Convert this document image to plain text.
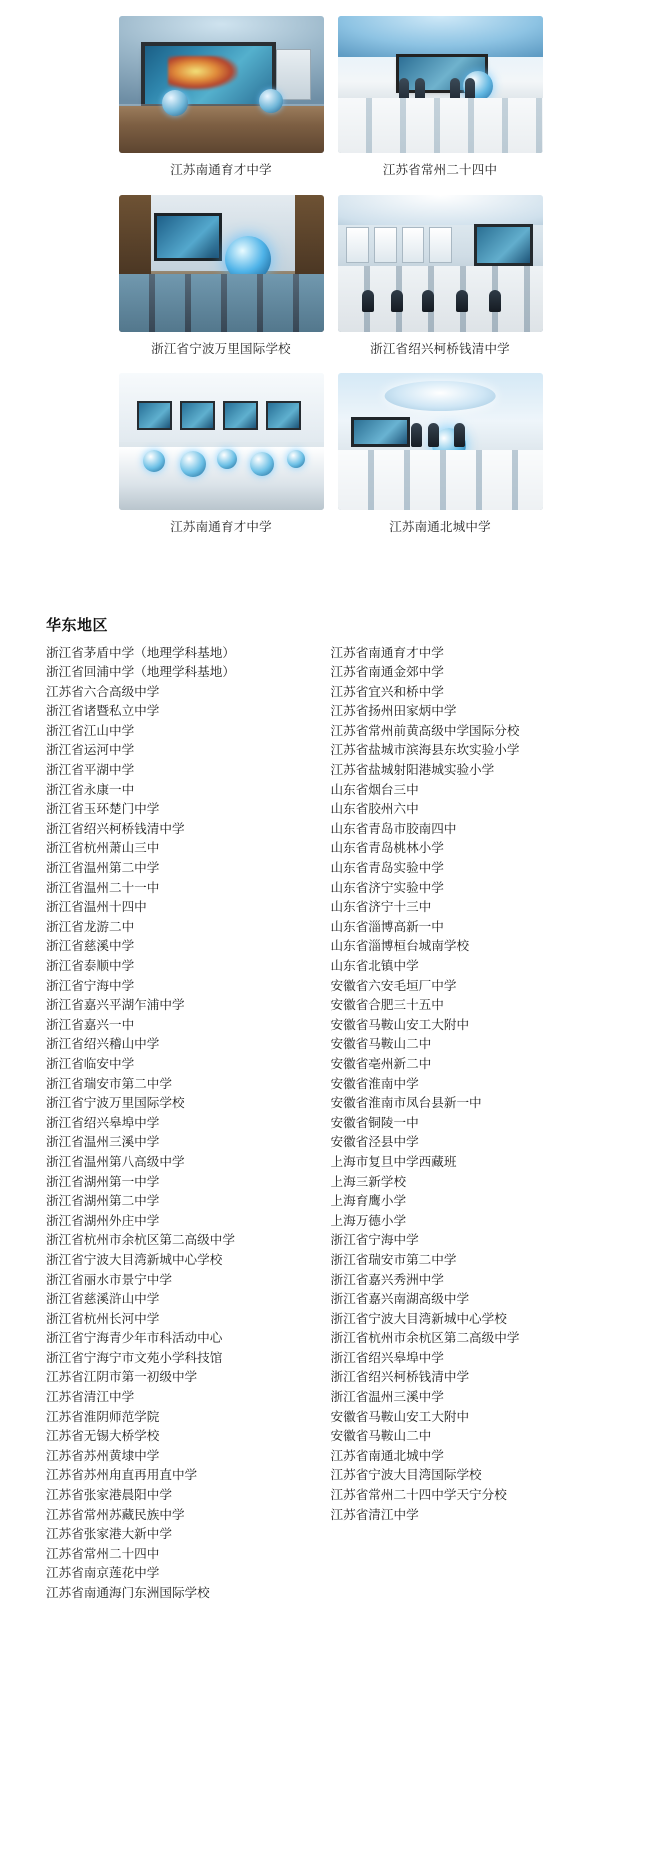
江苏南通育才中学	江苏省常州二十四中
浙江省宁波万里国际学校	浙江省绍兴柯桥钱清中学
江苏南通育才中学	江苏南通北城中学
华东地区
浙江省茅盾中学（地理学科基地）
浙江省回浦中学（地理学科基地）
江苏省六合高级中学
浙江省诸暨私立中学
浙江省江山中学
浙江省运河中学
浙江省平湖中学
浙江省永康一中
浙江省玉环楚门中学
浙江省绍兴柯桥钱清中学
浙江省杭州萧山三中
浙江省温州第二中学
浙江省温州二十一中
浙江省温州十四中
浙江省龙游二中
浙江省慈溪中学
浙江省泰顺中学
浙江省宁海中学
浙江省嘉兴平湖乍浦中学
浙江省嘉兴一中
浙江省绍兴稽山中学
浙江省临安中学
浙江省瑞安市第二中学
浙江省宁波万里国际学校
浙江省绍兴皋埠中学
浙江省温州三溪中学
浙江省温州第八高级中学
浙江省湖州第一中学
浙江省湖州第二中学
浙江省湖州外庄中学
浙江省杭州市余杭区第二高级中学
浙江省宁波大目湾新城中心学校
浙江省丽水市景宁中学
浙江省慈溪浒山中学
浙江省杭州长河中学
浙江省宁海青少年市科活动中心
浙江省宁海宁市文苑小学科技馆
江苏省江阴市第一初级中学
江苏省清江中学
江苏省淮阴师范学院
江苏省无锡大桥学校
江苏省苏州黄埭中学
江苏省苏州甪直再用直中学
江苏省张家港晨阳中学
江苏省常州苏藏民族中学
江苏省张家港大新中学
江苏省常州二十四中
江苏省南京莲花中学
江苏省南通海门东洲国际学校
江苏省南通育才中学
江苏省南通金郊中学
江苏省宜兴和桥中学
江苏省扬州田家炳中学
江苏省常州前黄高级中学国际分校
江苏省盐城市滨海县东坎实验小学
江苏省盐城射阳港城实验小学
山东省烟台三中
山东省胶州六中
山东省青岛市胶南四中
山东省青岛桃林小学
山东省青岛实验中学
山东省济宁实验中学
山东省济宁十三中
山东省淄博高新一中
山东省淄博桓台城南学校
山东省北镇中学
安徽省六安毛垣厂中学
安徽省合肥三十五中
安徽省马鞍山安工大附中
安徽省马鞍山二中
安徽省亳州新二中
安徽省淮南中学
安徽省淮南市凤台县新一中
安徽省铜陵一中
安徽省泾县中学
上海市复旦中学西藏班
上海三新学校
上海育鹰小学
上海万德小学
浙江省宁海中学
浙江省瑞安市第二中学
浙江省嘉兴秀洲中学
浙江省嘉兴南湖高级中学
浙江省宁波大目湾新城中心学校
浙江省杭州市余杭区第二高级中学
浙江省绍兴皋埠中学
浙江省绍兴柯桥钱清中学
浙江省温州三溪中学
安徽省马鞍山安工大附中
安徽省马鞍山二中
江苏省南通北城中学
江苏省宁波大目湾国际学校
江苏省常州二十四中学天宁分校
江苏省清江中学
